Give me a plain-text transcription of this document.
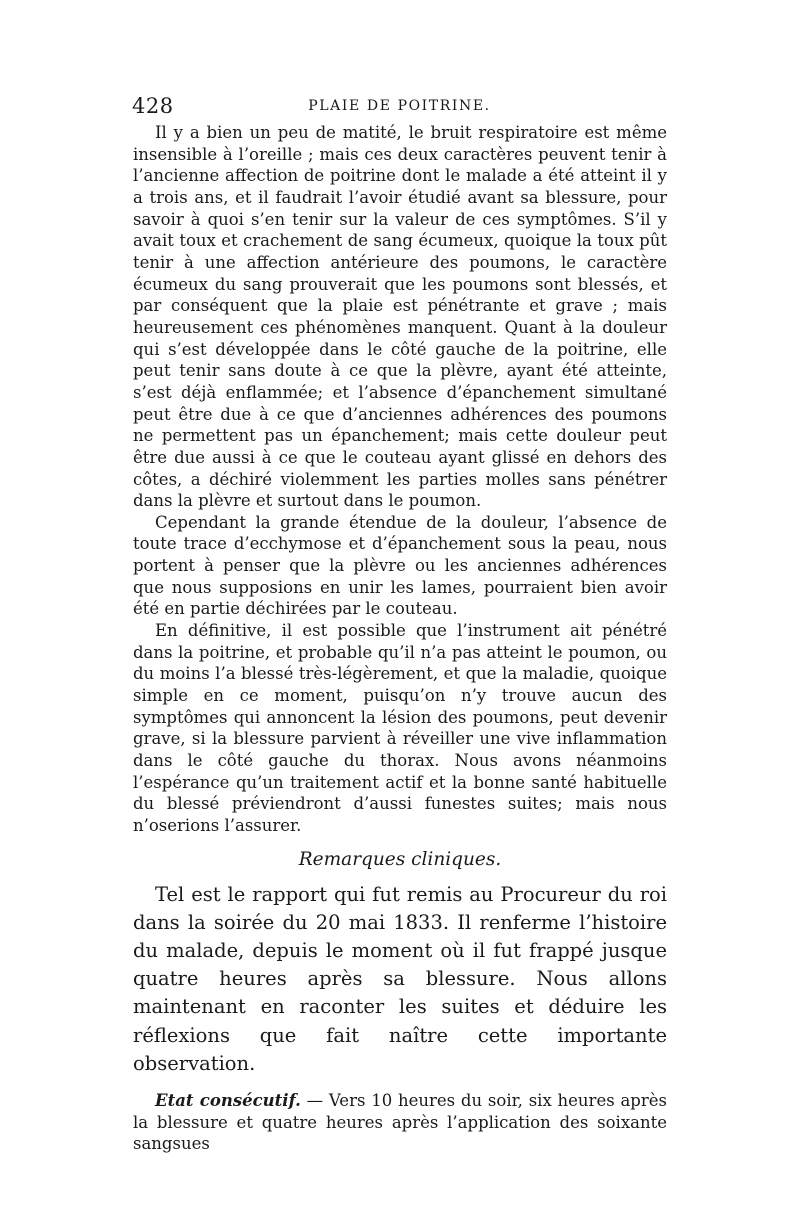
428	PLAIE DE POITRINE.

Il y a bien un peu de matité, le bruit respiratoire est même insensible à l’oreille ; mais ces deux caractères peuvent tenir à l’ancienne affection de poitrine dont le malade a été atteint il y a trois ans, et il faudrait l’avoir étudié avant sa blessure, pour savoir à quoi s’en tenir sur la valeur de ces symptômes. S’il y avait toux et crachement de sang écumeux, quoique la toux pût tenir à une affection antérieure des poumons, le caractère écumeux du sang prouverait que les poumons sont blessés, et par conséquent que la plaie est pénétrante et grave ; mais heureusement ces phénomènes manquent. Quant à la douleur qui s’est développée dans le côté gauche de la poitrine, elle peut tenir sans doute à ce que la plèvre, ayant été atteinte, s’est déjà enflammée; et l’absence d’épanchement simultané peut être due à ce que d’anciennes adhérences des poumons ne permettent pas un épanchement; mais cette douleur peut être due aussi à ce que le couteau ayant glissé en dehors des côtes, a déchiré violemment les parties molles sans pénétrer dans la plèvre et surtout dans le poumon.

Cependant la grande étendue de la douleur, l’absence de toute trace d’ecchymose et d’épanchement sous la peau, nous portent à penser que la plèvre ou les anciennes adhérences que nous supposions en unir les lames, pourraient bien avoir été en partie déchirées par le couteau.

En définitive, il est possible que l’instrument ait pénétré dans la poitrine, et probable qu’il n’a pas atteint le poumon, ou du moins l’a blessé très-légèrement, et que la maladie, quoique simple en ce moment, puisqu’on n’y trouve aucun des symptômes qui annoncent la lésion des poumons, peut devenir grave, si la blessure parvient à réveiller une vive inflammation dans le côté gauche du thorax. Nous avons néanmoins l’espérance qu’un traitement actif et la bonne santé habituelle du blessé préviendront d’aussi funestes suites; mais nous n’oserions l’assurer.

Remarques cliniques.

Tel est le rapport qui fut remis au Procureur du roi dans la soirée du 20 mai 1833. Il renferme l’histoire du malade, depuis le moment où il fut frappé jusque quatre heures après sa blessure. Nous allons maintenant en raconter les suites et déduire les réflexions que fait naître cette importante observation.

Etat consécutif. — Vers 10 heures du soir, six heures après la blessure et quatre heures après l’application des soixante sangsues
